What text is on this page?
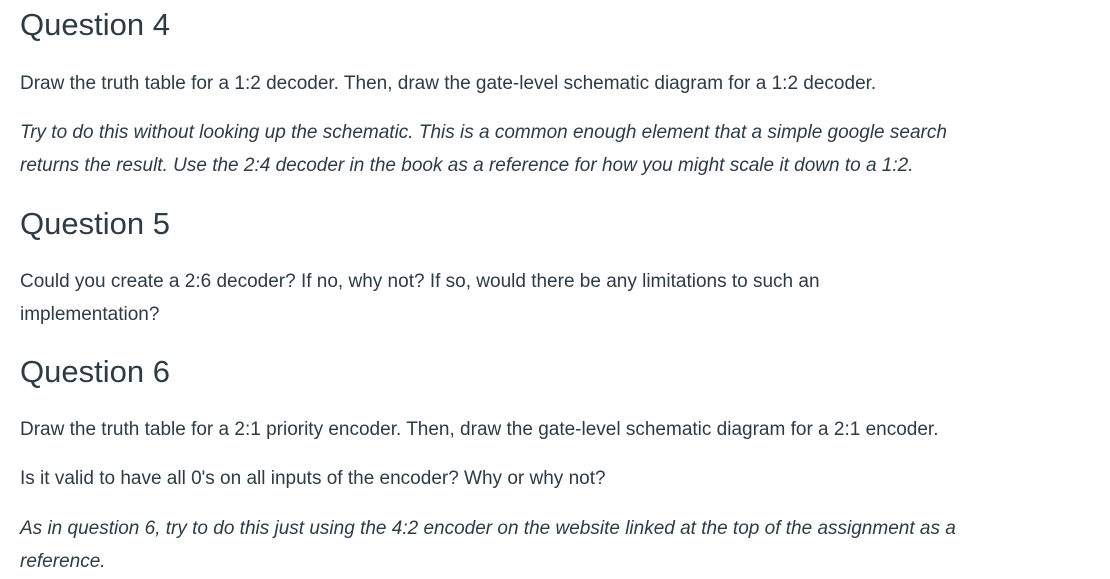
Question 4

Draw the truth table for a 1:2 decoder. Then, draw the gate-level schematic diagram for a 1:2 decoder.

Try to do this without looking up the schematic. This is a common enough element that a simple google search

returns the result. Use the 2:4 decoder in the book as a reference for how you might scale it down to a 1:2.

Question 5

Could you create a 2:6 decoder? If no, why not? If so, would there be any limitations to such an

implementation?

Question 6

Draw the truth table for a 2:1 priority encoder. Then, draw the gate-level schematic diagram for a 2:1 encoder.

Is it valid to have all 0's on all inputs of the encoder? Why or why not?

As in question 6, try to do this just using the 4:2 encoder on the website linked at the top of the assignment as a

reference.
